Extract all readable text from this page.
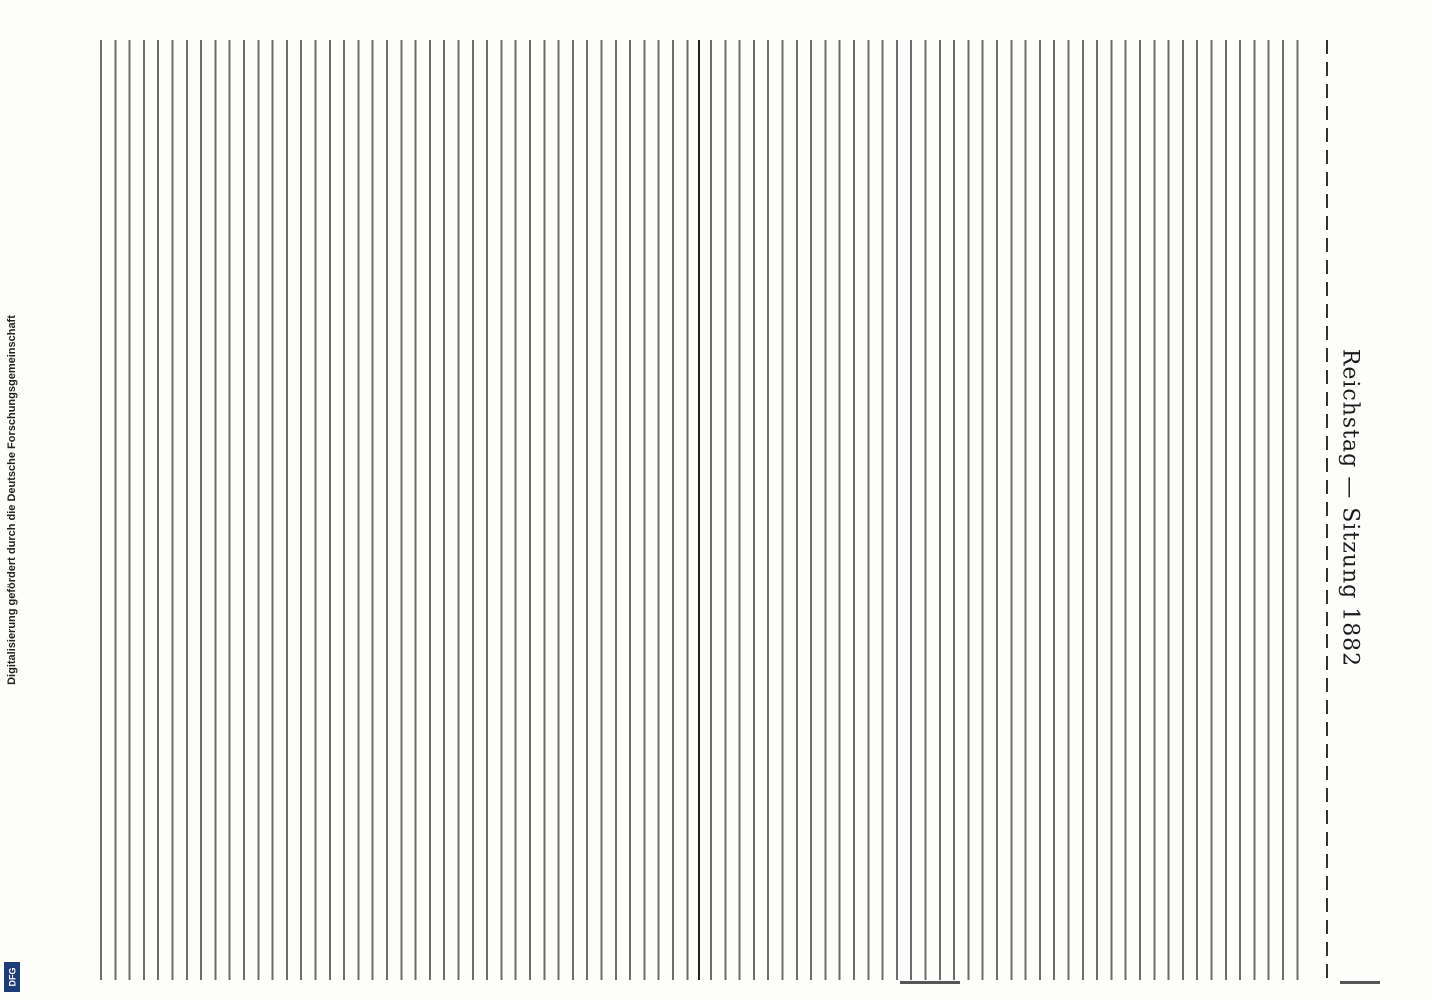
Digitalisierung gefördert durch die Deutsche Forschungsgemeinschaft
DFG
Reichstag — Sitzung 1882
